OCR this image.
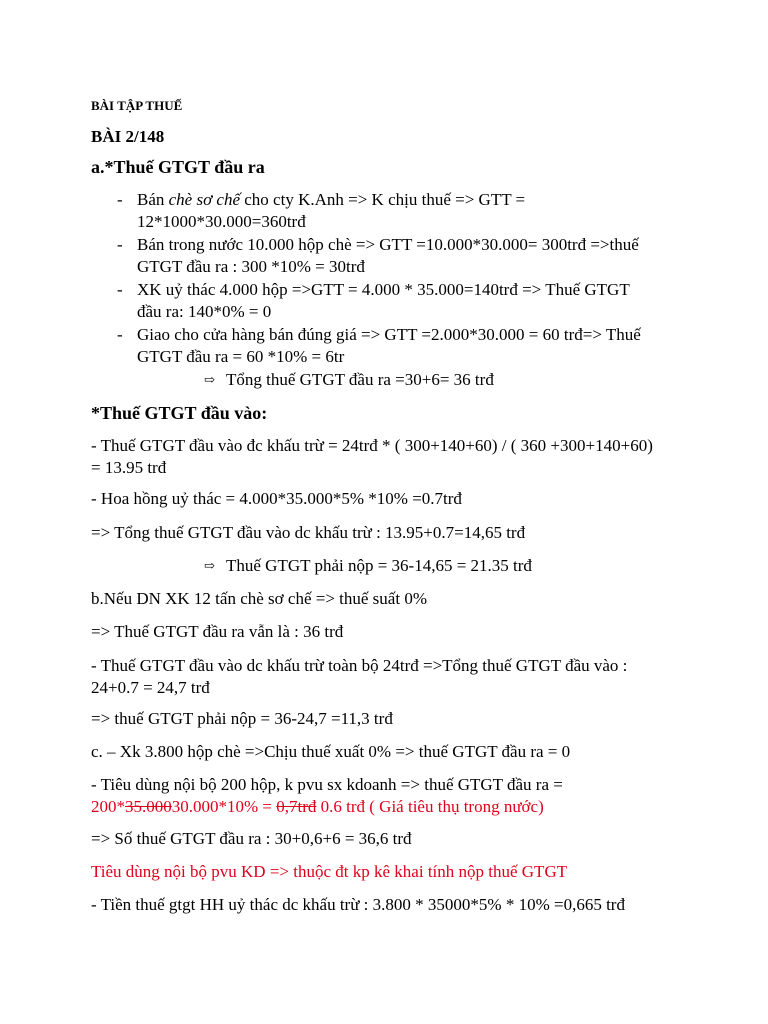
BÀI TẬP THUẾ
BÀI 2/148
a.*Thuế GTGT đầu ra
- Bán chè sơ chế cho cty K.Anh => K chịu thuế => GTT =
12*1000*30.000=360trđ
- Bán trong nước 10.000 hộp chè => GTT =10.000*30.000= 300trđ =>thuế
GTGT đầu ra : 300 *10% = 30trđ
- XK uỷ thác 4.000 hộp =>GTT = 4.000 * 35.000=140trđ => Thuế GTGT
đầu ra: 140*0% = 0
- Giao cho cửa hàng bán đúng giá => GTT =2.000*30.000 = 60 trđ=> Thuế
GTGT đầu ra = 60 *10% = 6tr
⇨ Tổng thuế GTGT đầu ra =30+6= 36 trđ
*Thuế GTGT đầu vào:
- Thuế GTGT đầu vào đc khấu trừ = 24trđ * ( 300+140+60) / ( 360 +300+140+60)
= 13.95 trđ
- Hoa hồng uỷ thác = 4.000*35.000*5% *10% =0.7trđ
=> Tổng thuế GTGT đầu vào dc khấu trừ : 13.95+0.7=14,65 trđ
⇨ Thuế GTGT phải nộp = 36-14,65 = 21.35 trđ
b.Nếu DN XK 12 tấn chè sơ chế => thuế suất 0%
=> Thuế GTGT đầu ra vẫn là : 36 trđ
- Thuế GTGT đầu vào dc khấu trừ toàn bộ 24trđ =>Tổng thuế GTGT đầu vào :
24+0.7 = 24,7 trđ
=> thuế GTGT phải nộp = 36-24,7 =11,3 trđ
c. – Xk 3.800 hộp chè =>Chịu thuế xuất 0% => thuế GTGT đầu ra = 0
- Tiêu dùng nội bộ 200 hộp, k pvu sx kdoanh => thuế GTGT đầu ra =
200*35.00030.000*10% = 0,7trđ 0.6 trđ ( Giá tiêu thụ trong nước)
=> Số thuế GTGT đầu ra : 30+0,6+6 = 36,6 trđ
Tiêu dùng nội bộ pvu KD => thuộc đt kp kê khai tính nộp thuế GTGT
- Tiền thuế gtgt HH uỷ thác dc khấu trừ : 3.800 * 35000*5% * 10% =0,665 trđ
